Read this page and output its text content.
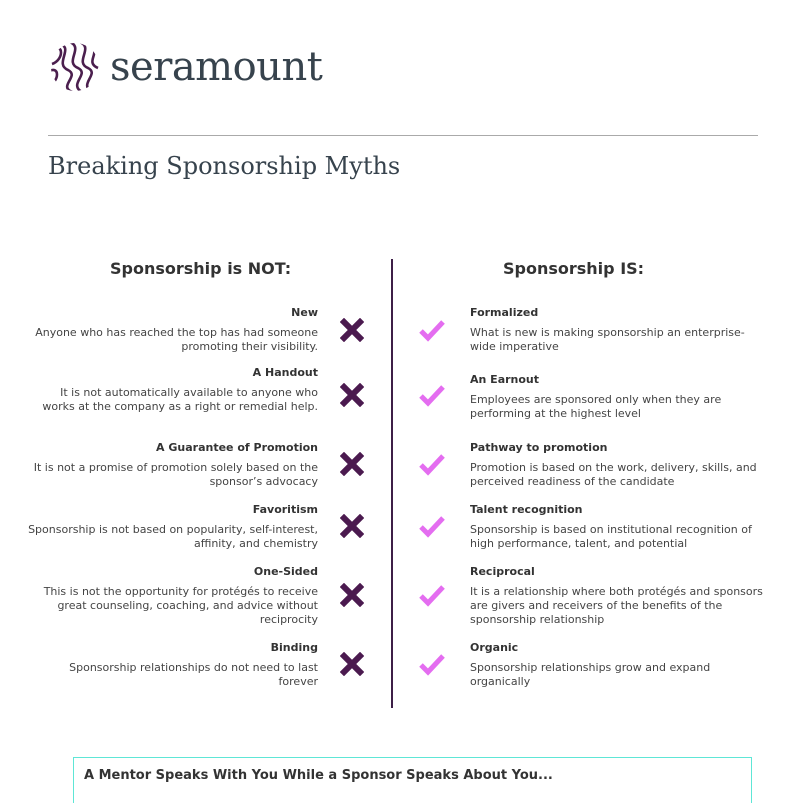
seramount
Breaking Sponsorship Myths
Sponsorship is NOT:	Sponsorship IS:
New
Anyone who has reached the top has had someone promoting their visibility.
Formalized
What is new is making sponsorship an enterprise-wide imperative
A Handout
It is not automatically available to anyone who works at the company as a right or remedial help.
An Earnout
Employees are sponsored only when they are performing at the highest level
A Guarantee of Promotion
It is not a promise of promotion solely based on the sponsor’s advocacy
Pathway to promotion
Promotion is based on the work, delivery, skills, and perceived readiness of the candidate
Favoritism
Sponsorship is not based on popularity, self-interest, affinity, and chemistry
Talent recognition
Sponsorship is based on institutional recognition of high performance, talent, and potential
One-Sided
This is not the opportunity for protégés to receive great counseling, coaching, and advice without reciprocity
Reciprocal
It is a relationship where both protégés and sponsors are givers and receivers of the benefits of the sponsorship relationship
Binding
Sponsorship relationships do not need to last forever
Organic
Sponsorship relationships grow and expand organically
A Mentor Speaks With You While a Sponsor Speaks About You...
